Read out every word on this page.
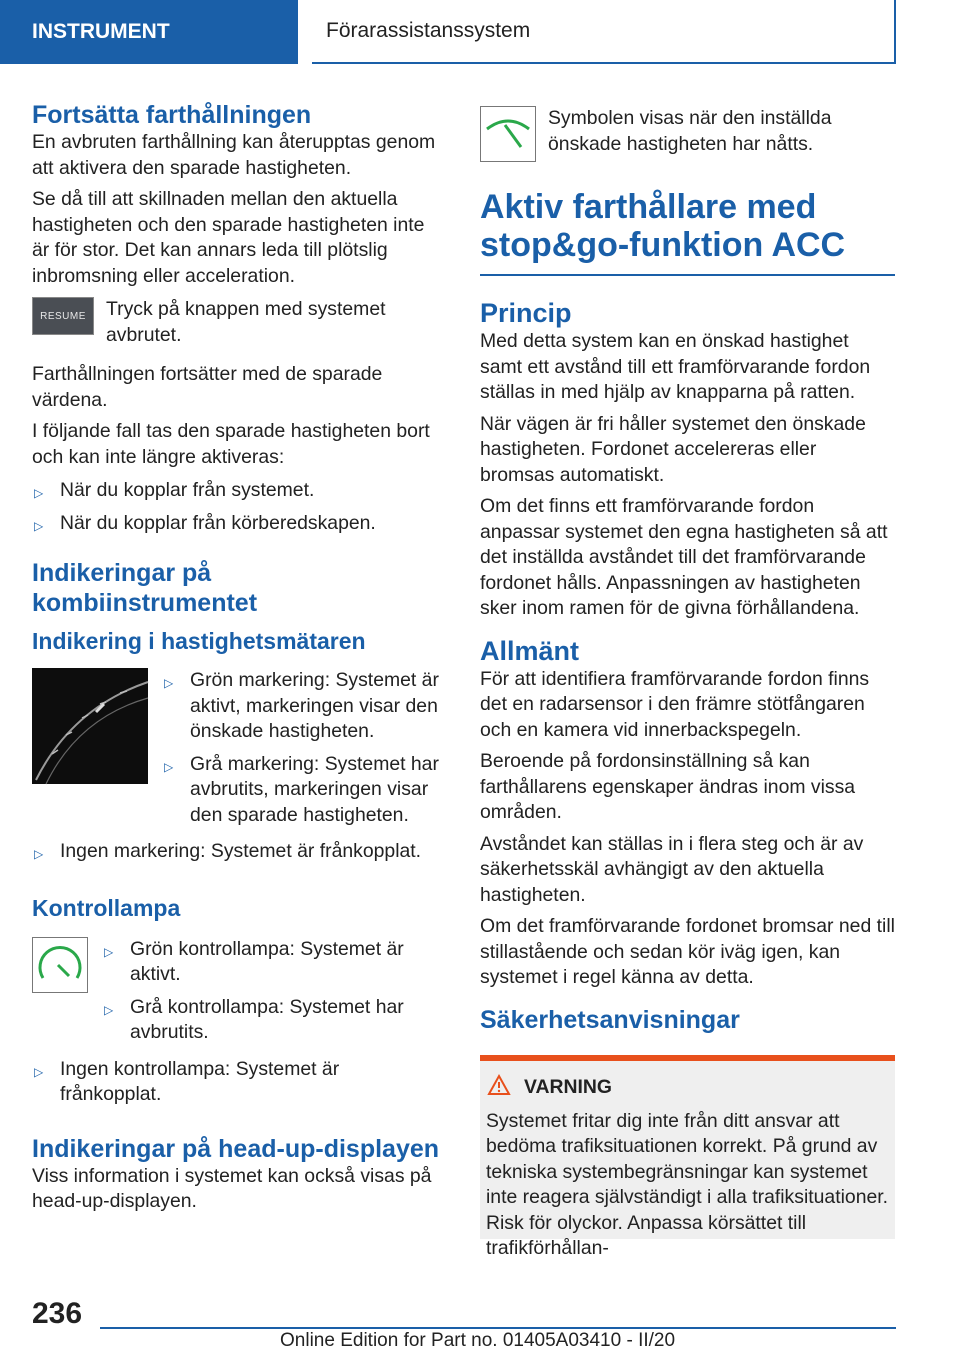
INSTRUMENT	Förarassistanssystem
Fortsätta farthållningen

En avbruten farthållning kan återupptas genom att aktivera den sparade hastigheten.

Se då till att skillnaden mellan den aktuella hastigheten och den sparade hastigheten inte är för stor. Det kan annars leda till plötslig inbromsning eller acceleration.

RESUME	Tryck på knappen med systemet avbrutet.

Farthållningen fortsätter med de sparade värdena.

I följande fall tas den sparade hastigheten bort och kan inte längre aktiveras:

▷ När du kopplar från systemet.
▷ När du kopplar från körberedskapen.
Indikeringar på kombiinstrumentet
Indikering i hastighetsmätaren
▷ Grön markering: Systemet är aktivt, markeringen visar den önskade hastigheten.
▷ Grå markering: Systemet har avbrutits, markeringen visar den sparade hastigheten.
▷ Ingen markering: Systemet är frånkopplat.
Kontrollampa
▷ Grön kontrollampa: Systemet är aktivt.
▷ Grå kontrollampa: Systemet har avbrutits.
▷ Ingen kontrollampa: Systemet är frånkopplat.
Indikeringar på head-up-displayen

Viss information i systemet kan också visas på head-up-displayen.

Symbolen visas när den inställda önskade hastigheten har nåtts.
Aktiv farthållare med stop&go-funktion ACC
Princip

Med detta system kan en önskad hastighet samt ett avstånd till ett framförvarande fordon ställas in med hjälp av knapparna på ratten.

När vägen är fri håller systemet den önskade hastigheten. Fordonet accelereras eller bromsas automatiskt.

Om det finns ett framförvarande fordon anpassar systemet den egna hastigheten så att det inställda avståndet till det framförvarande fordonet hålls. Anpassningen av hastigheten sker inom ramen för de givna förhållandena.

Allmänt

För att identifiera framförvarande fordon finns det en radarsensor i den främre stötfångaren och en kamera vid innerbackspegeln.

Beroende på fordonsinställning så kan farthållarens egenskaper ändras inom vissa områden.

Avståndet kan ställas in i flera steg och är av säkerhetsskäl avhängigt av den aktuella hastigheten.

Om det framförvarande fordonet bromsar ned till stillastående och sedan kör iväg igen, kan systemet i regel känna av detta.

Säkerhetsanvisningar
VARNING

Systemet fritar dig inte från ditt ansvar att bedöma trafiksituationen korrekt. På grund av tekniska systembegränsningar kan systemet inte reagera självständigt i alla trafiksituationer. Risk för olyckor. Anpassa körsättet till trafikförhållan-

236
Online Edition for Part no. 01405A03410 - II/20
